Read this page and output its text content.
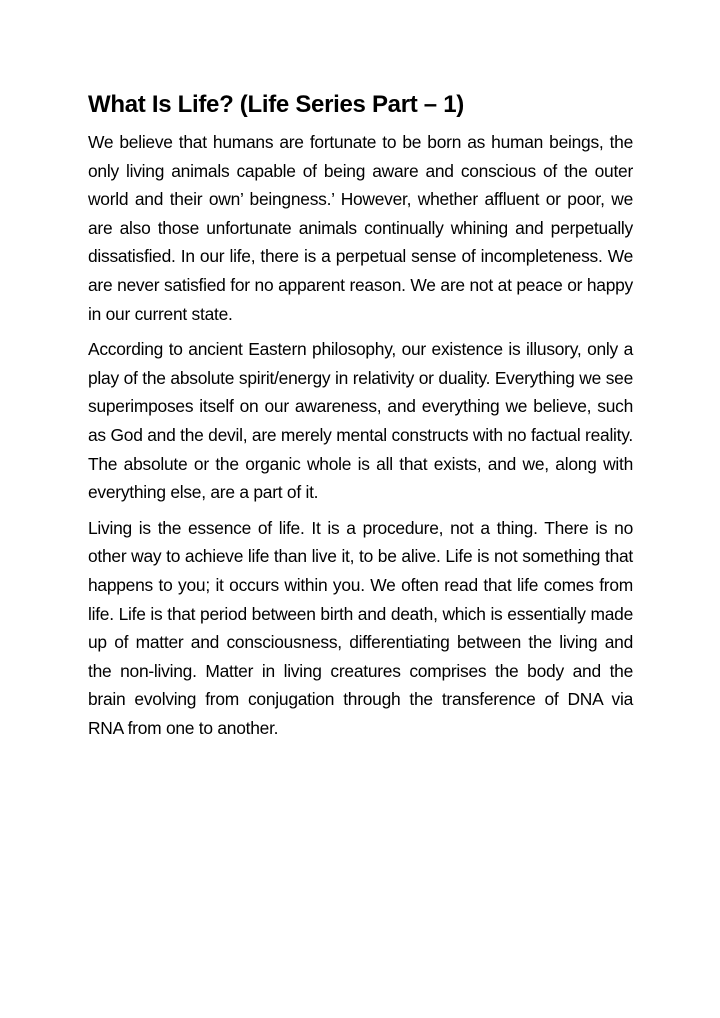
What Is Life? (Life Series Part – 1)

We believe that humans are fortunate to be born as human beings, the only living animals capable of being aware and conscious of the outer world and their own’ beingness.’ However, whether affluent or poor, we are also those unfortunate animals continually whining and perpetually dissatisfied. In our life, there is a perpetual sense of incompleteness. We are never satisfied for no apparent reason. We are not at peace or happy in our current state.

According to ancient Eastern philosophy, our existence is illusory, only a play of the absolute spirit/energy in relativity or duality. Everything we see superimposes itself on our awareness, and everything we believe, such as God and the devil, are merely mental constructs with no factual reality. The absolute or the organic whole is all that exists, and we, along with everything else, are a part of it.

Living is the essence of life. It is a procedure, not a thing. There is no other way to achieve life than live it, to be alive. Life is not something that happens to you; it occurs within you. We often read that life comes from life. Life is that period between birth and death, which is essentially made up of matter and consciousness, differentiating between the living and the non-living. Matter in living creatures comprises the body and the brain evolving from conjugation through the transference of DNA via RNA from one to another.
